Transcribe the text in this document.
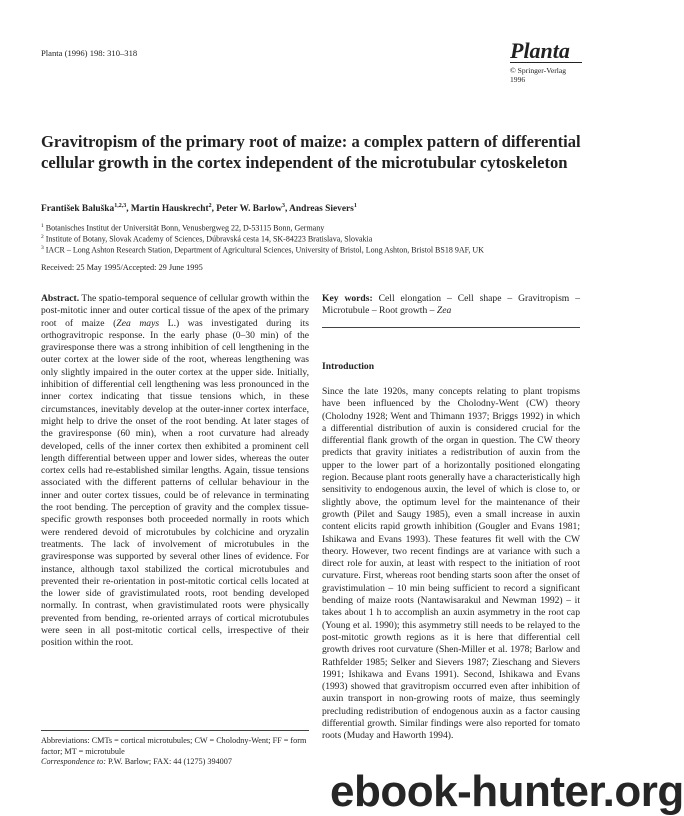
Planta (1996) 198: 310–318	Planta
© Springer-Verlag 1996
Gravitropism of the primary root of maize: a complex pattern of differential cellular growth in the cortex independent of the microtubular cytoskeleton
František Baluška$^{1,2,3}$, Martin Hauskrecht$^2$, Peter W. Barlow$^3$, Andreas Sievers$^1$
$^1$ Botanisches Institut der Universität Bonn, Venusbergweg 22, D-53115 Bonn, Germany
$^2$ Institute of Botany, Slovak Academy of Sciences, Dúbravská cesta 14, SK-84223 Bratislava, Slovakia
$^3$ IACR – Long Ashton Research Station, Department of Agricultural Sciences, University of Bristol, Long Ashton, Bristol BS18 9AF, UK
Received: 25 May 1995/Accepted: 29 June 1995
Abstract. The spatio-temporal sequence of cellular growth within the post-mitotic inner and outer cortical tissue of the apex of the primary root of maize (Zea mays L.) was investigated during its orthogravitropic response. In the early phase (0–30 min) of the graviresponse there was a strong inhibition of cell lengthening in the outer cortex at the lower side of the root, whereas lengthening was only slightly impaired in the outer cortex at the upper side. Initially, inhibition of differential cell lengthening was less pronounced in the inner cortex indicating that tissue tensions which, in these circumstances, inevitably develop at the outer-inner cortex interface, might help to drive the onset of the root bending. At later stages of the graviresponse (60 min), when a root curvature had already developed, cells of the inner cortex then exhibited a prominent cell length differential between upper and lower sides, whereas the outer cortex cells had re-established similar lengths. Again, tissue tensions associated with the different patterns of cellular behaviour in the inner and outer cortex tissues, could be of relevance in terminating the root bending. The perception of gravity and the complex tissue-specific growth responses both proceeded normally in roots which were rendered devoid of microtubules by colchicine and oryzalin treatments. The lack of involvement of microtubules in the graviresponse was supported by several other lines of evidence. For instance, although taxol stabilized the cortical microtubules and prevented their re-orientation in post-mitotic cortical cells located at the lower side of gravistimulated roots, root bending developed normally. In contrast, when gravistimulated roots were physically prevented from bending, re-oriented arrays of cortical microtubules were seen in all post-mitotic cortical cells, irrespective of their position within the root.
Abbreviations: CMTs = cortical microtubules; CW = Cholodny-Went; FF = form factor; MT = microtubule
Correspondence to: P.W. Barlow; FAX: 44 (1275) 394007
Key words: Cell elongation – Cell shape – Gravitropism – Microtubule – Root growth – Zea
Introduction
Since the late 1920s, many concepts relating to plant tropisms have been influenced by the Cholodny-Went (CW) theory (Cholodny 1928; Went and Thimann 1937; Briggs 1992) in which a differential distribution of auxin is considered crucial for the differential flank growth of the organ in question. The CW theory predicts that gravity initiates a redistribution of auxin from the upper to the lower part of a horizontally positioned elongating region. Because plant roots generally have a characteristically high sensitivity to endogenous auxin, the level of which is close to, or slightly above, the optimum level for the maintenance of their growth (Pilet and Saugy 1985), even a small increase in auxin content elicits rapid growth inhibition (Gougler and Evans 1981; Ishikawa and Evans 1993). These features fit well with the CW theory. However, two recent findings are at variance with such a direct role for auxin, at least with respect to the initiation of root curvature. First, whereas root bending starts soon after the onset of gravistimulation – 10 min being sufficient to record a significant bending of maize roots (Nantawisarakul and Newman 1992) – it takes about 1 h to accomplish an auxin asymmetry in the root cap (Young et al. 1990); this asymmetry still needs to be relayed to the post-mitotic growth regions as it is here that differential cell growth drives root curvature (Shen-Miller et al. 1978; Barlow and Rathfelder 1985; Selker and Sievers 1987; Zieschang and Sievers 1991; Ishikawa and Evans 1991). Second, Ishikawa and Evans (1993) showed that gravitropism occurred even after inhibition of auxin transport in non-growing roots of maize, thus seemingly precluding redistribution of endogenous auxin as a factor causing differential growth. Similar findings were also reported for tomato roots (Muday and Haworth 1994).
ebook-hunter.org
